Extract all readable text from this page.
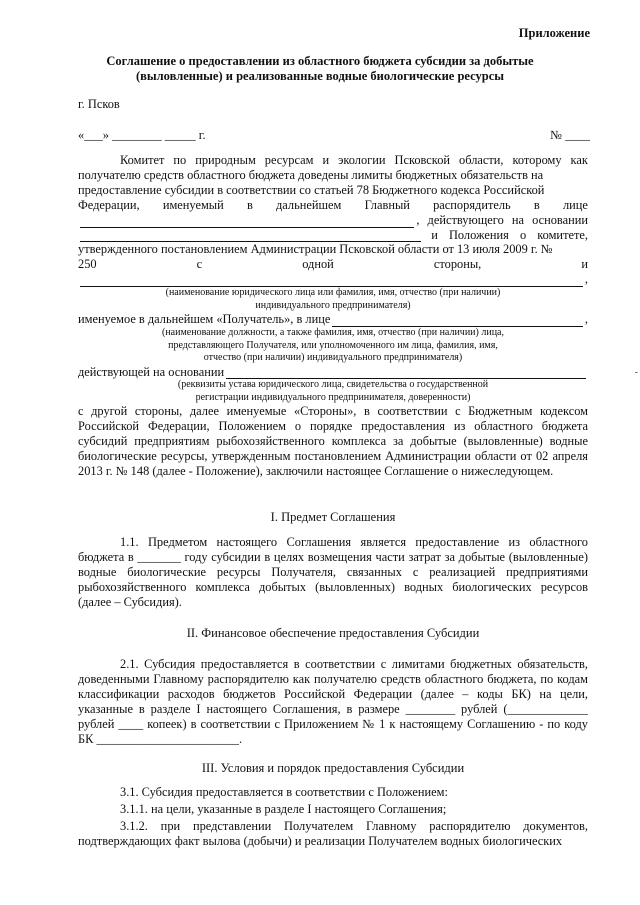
Приложение
Соглашение о предоставлении из областного бюджета субсидии за добытые
(выловленные) и реализованные водные биологические ресурсы
г. Псков
«___» ________ _____ г.	№ ____
Комитет по природным ресурсам и экологии Псковской области, которому как
получателю средств областного бюджета доведены лимиты бюджетных обязательств на
предоставление субсидии в соответствии со статьей 78 Бюджетного кодекса Российской
Федерации, именуемый в дальнейшем Главный распорядитель в лице
, действующего на основании
и Положения о комитете,
утвержденного постановлением Администрации Псковской области от 13 июля 2009 г. №
250	с	одной	стороны,	и
,
(наименование юридического лица или фамилия, имя, отчество (при наличии)
индивидуального предпринимателя)
именуемое в дальнейшем «Получатель», в лице	,
(наименование должности, а также фамилия, имя, отчество (при наличии) лица,
представляющего Получателя, или уполномоченного им лица, фамилия, имя,
отчество (при наличии) индивидуального предпринимателя)
действующей на основании
(реквизиты устава юридического лица, свидетельства о государственной
регистрации индивидуального предпринимателя, доверенности)
с другой стороны, далее именуемые «Стороны», в соответствии с Бюджетным кодексом Российской Федерации, Положением о порядке предоставления из областного бюджета субсидий предприятиям рыбохозяйственного комплекса за добытые (выловленные) водные биологические ресурсы, утвержденным постановлением Администрации области от 02 апреля 2013 г. № 148 (далее - Положение), заключили настоящее Соглашение о нижеследующем.
I. Предмет Соглашения
1.1. Предметом настоящего Соглашения является предоставление из областного бюджета в _______ году субсидии в целях возмещения части затрат за добытые (выловленные) водные биологические ресурсы Получателя, связанных с реализацией предприятиями рыбохозяйственного комплекса добытых (выловленных) водных биологических ресурсов (далее – Субсидия).
II. Финансовое обеспечение предоставления Субсидии
2.1. Субсидия предоставляется в соответствии с лимитами бюджетных обязательств, доведенными Главному распорядителю как получателю средств областного бюджета, по кодам классификации расходов бюджетов Российской Федерации (далее – коды БК) на цели, указанные в разделе I настоящего Соглашения, в размере ________ рублей (_____________ рублей ____ копеек) в соответствии с Приложением № 1 к настоящему Соглашению - по коду БК _______________________.
III. Условия и порядок предоставления Субсидии
3.1. Субсидия предоставляется в соответствии с Положением:
3.1.1. на цели, указанные в разделе I настоящего Соглашения;
3.1.2. при представлении Получателем Главному распорядителю документов, подтверждающих факт вылова (добычи) и реализации Получателем водных биологических
-
